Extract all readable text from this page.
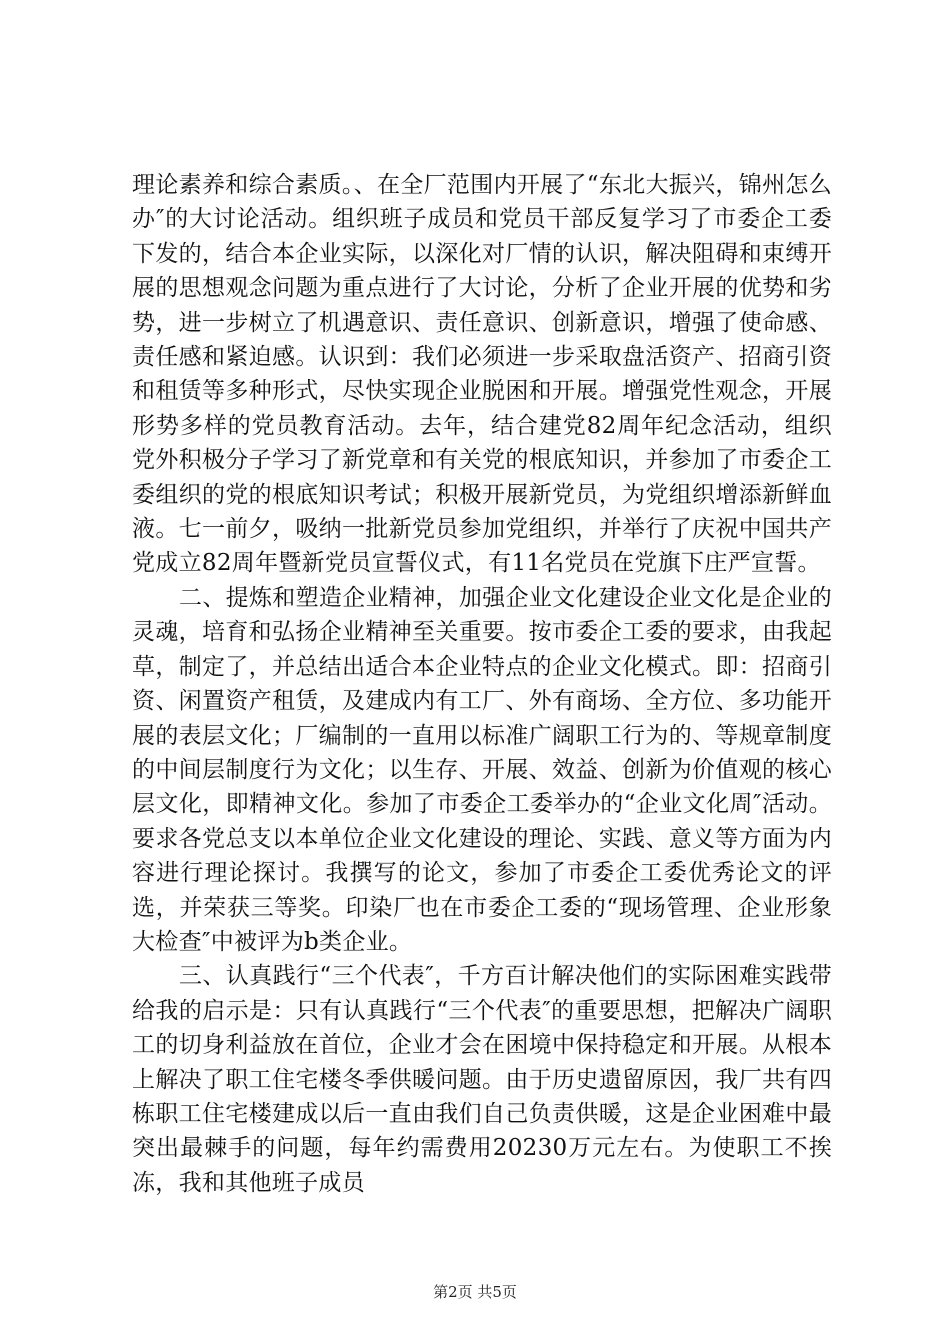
理论素养和综合素质。、在全厂范围内开展了“东北大振兴，锦州怎么办″的大讨论活动。组织班子成员和党员干部反复学习了市委企工委下发的，结合本企业实际，以深化对厂情的认识，解决阻碍和束缚开展的思想观念问题为重点进行了大讨论，分析了企业开展的优势和劣势，进一步树立了机遇意识、责任意识、创新意识，增强了使命感、责任感和紧迫感。认识到：我们必须进一步采取盘活资产、招商引资和租赁等多种形式，尽快实现企业脱困和开展。增强党性观念，开展形势多样的党员教育活动。去年，结合建党82周年纪念活动，组织党外积极分子学习了新党章和有关党的根底知识，并参加了市委企工委组织的党的根底知识考试；积极开展新党员，为党组织增添新鲜血液。七一前夕，吸纳一批新党员参加党组织，并举行了庆祝中国共产党成立82周年暨新党员宣誓仪式，有11名党员在党旗下庄严宣誓。

二、提炼和塑造企业精神，加强企业文化建设企业文化是企业的灵魂，培育和弘扬企业精神至关重要。按市委企工委的要求，由我起草，制定了，并总结出适合本企业特点的企业文化模式。即：招商引资、闲置资产租赁，及建成内有工厂、外有商场、全方位、多功能开展的表层文化；厂编制的一直用以标准广阔职工行为的、等规章制度的中间层制度行为文化；以生存、开展、效益、创新为价值观的核心层文化，即精神文化。参加了市委企工委举办的“企业文化周″活动。要求各党总支以本单位企业文化建设的理论、实践、意义等方面为内容进行理论探讨。我撰写的论文，参加了市委企工委优秀论文的评选，并荣获三等奖。印染厂也在市委企工委的“现场管理、企业形象大检查″中被评为b类企业。

三、认真践行“三个代表″，千方百计解决他们的实际困难实践带给我的启示是：只有认真践行“三个代表″的重要思想，把解决广阔职工的切身利益放在首位，企业才会在困境中保持稳定和开展。从根本上解决了职工住宅楼冬季供暖问题。由于历史遗留原因，我厂共有四栋职工住宅楼建成以后一直由我们自己负责供暖，这是企业困难中最突出最棘手的问题，每年约需费用20230万元左右。为使职工不挨冻，我和其他班子成员

第2页 共5页
